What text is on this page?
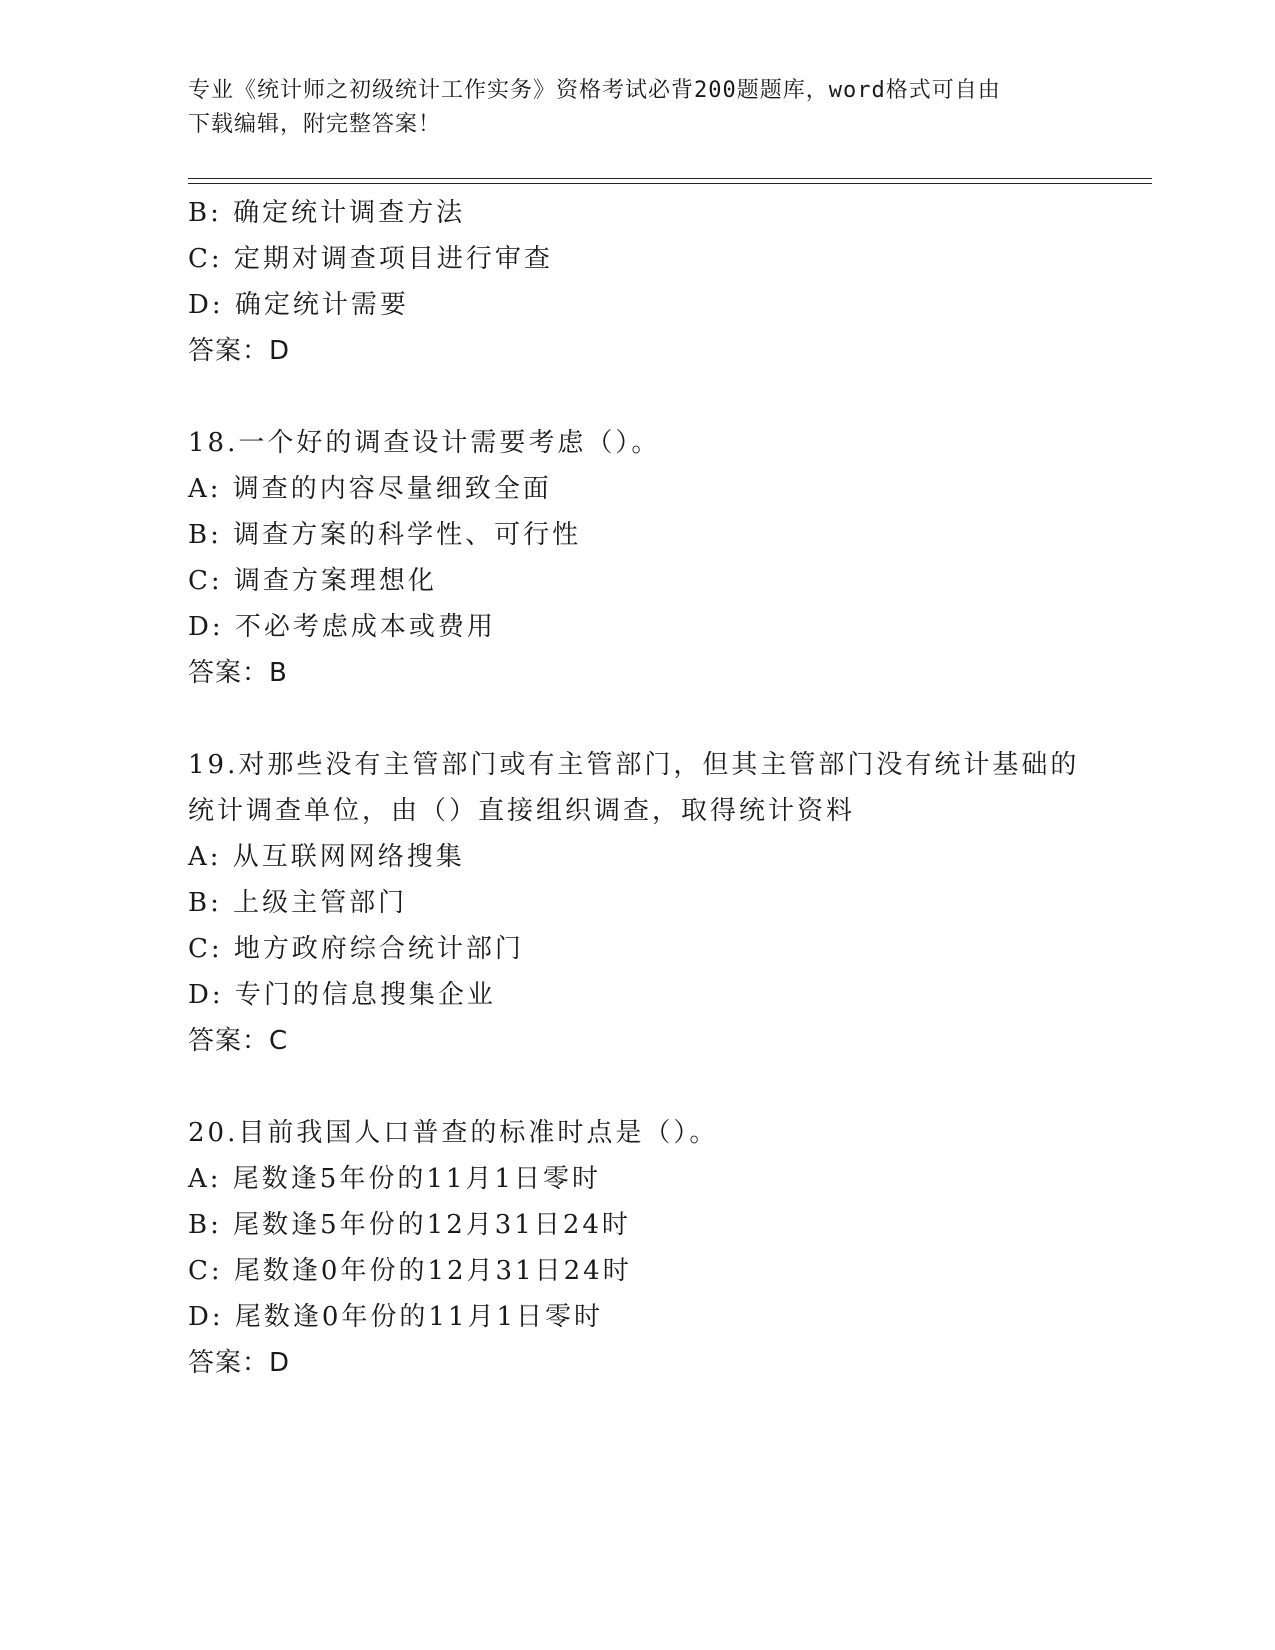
专业《统计师之初级统计工作实务》资格考试必背200题题库，word格式可自由
下载编辑，附完整答案！
B: 确定统计调查方法
C: 定期对调查项目进行审查
D: 确定统计需要
答案：D
18.一个好的调查设计需要考虑（）。
A: 调查的内容尽量细致全面
B: 调查方案的科学性、可行性
C: 调查方案理想化
D: 不必考虑成本或费用
答案：B
19.对那些没有主管部门或有主管部门，但其主管部门没有统计基础的
统计调查单位，由（）直接组织调查，取得统计资料
A: 从互联网网络搜集
B: 上级主管部门
C: 地方政府综合统计部门
D: 专门的信息搜集企业
答案：C
20.目前我国人口普查的标准时点是（）。
A: 尾数逢5年份的11月1日零时
B: 尾数逢5年份的12月31日24时
C: 尾数逢0年份的12月31日24时
D: 尾数逢0年份的11月1日零时
答案：D
